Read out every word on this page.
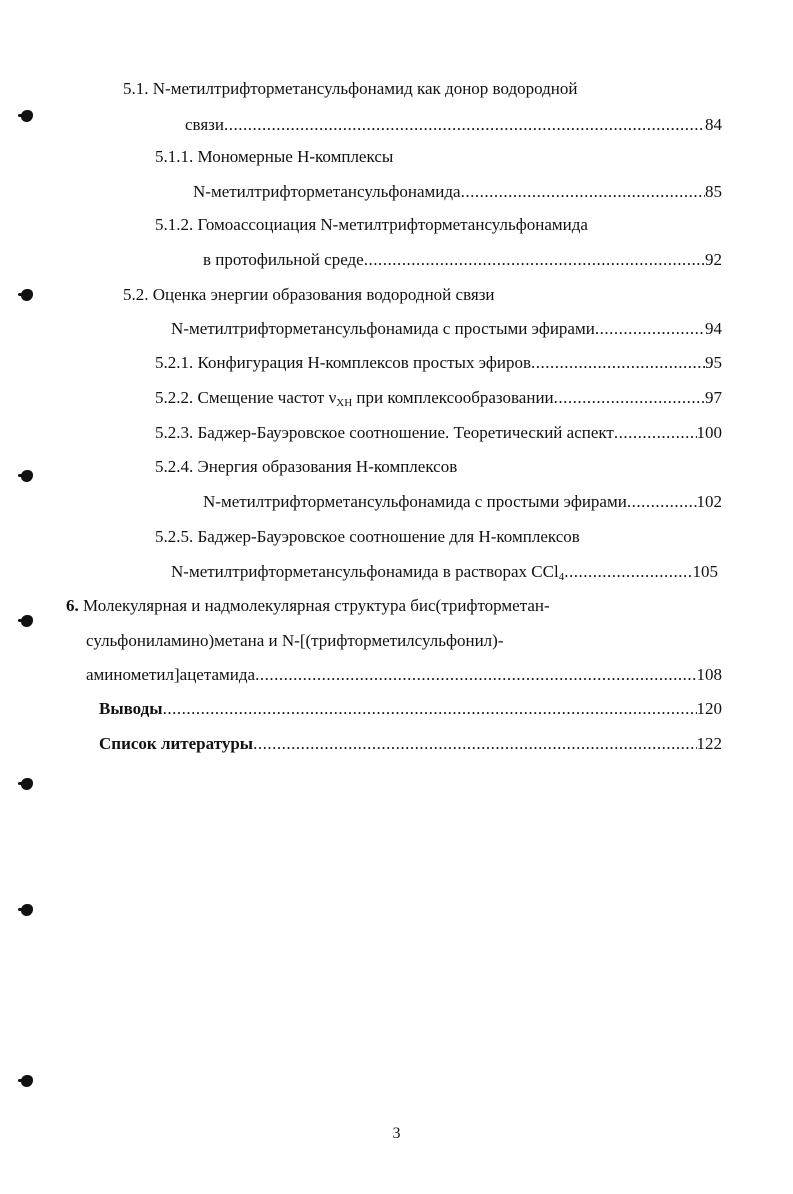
5.1. N-метилтрифторметансульфонамид как донор водородной
связи .....	84
5.1.1. Мономерные Н-комплексы
N-метилтрифторметансульфонамида .....	85
5.1.2. Гомоассоциация N-метилтрифторметансульфонамида
в протофильной среде .....	92
5.2. Оценка энергии образования водородной связи
N-метилтрифторметансульфонамида с простыми эфирами .....	94
5.2.1. Конфигурация Н-комплексов простых эфиров .....	95
5.2.2. Смещение частот $\nu_{XH}$ при комплексообразовании .....	97
5.2.3. Баджер-Бауэровское соотношение. Теоретический аспект .....	100
5.2.4. Энергия образования Н-комплексов
N-метилтрифторметансульфонамида с простыми эфирами .....	102
5.2.5. Баджер-Бауэровское соотношение для Н-комплексов
N-метилтрифторметансульфонамида в растворах CCl$_4$ .....	105
6. Молекулярная и надмолекулярная структура бис(трифторметан-
сульфониламино)метана и N-[(трифторметилсульфонил)-
аминометил]ацетамида .....	108
Выводы .....	120
Список литературы .....	122
3
